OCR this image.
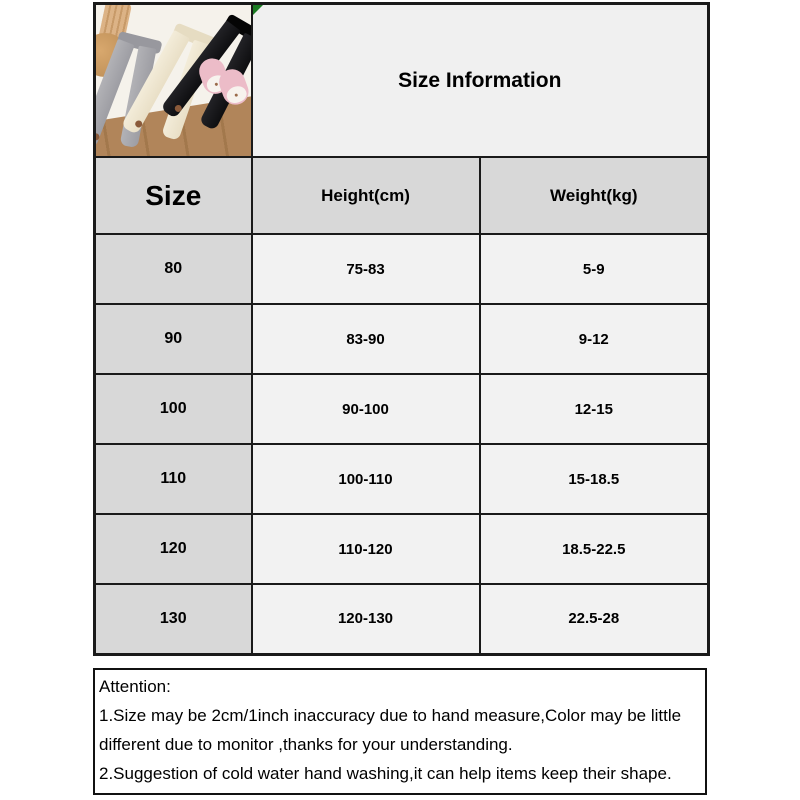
Size Information	
Size	Height(cm)	Weight(kg)
80	75-83	5-9
90	83-90	9-12
100	90-100	12-15
110	100-110	15-18.5
120	110-120	18.5-22.5
130	120-130	22.5-28
Attention:
1.Size may be 2cm/1inch inaccuracy due to hand measure,Color may be little different due to monitor ,thanks for your understanding.
2.Suggestion of cold water hand washing,it can help items keep their shape.
